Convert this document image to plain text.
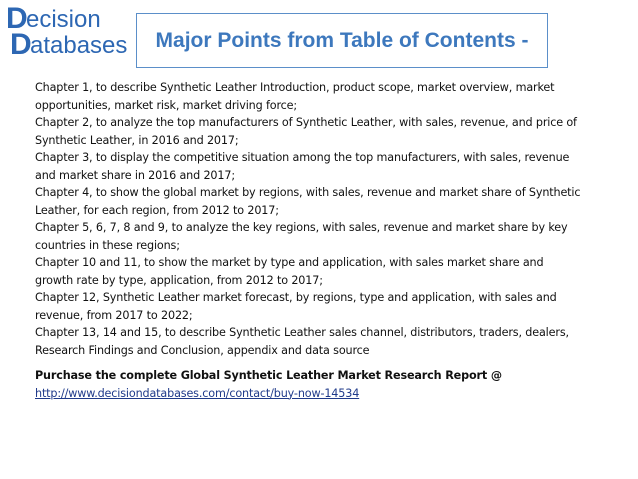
D
ecision
D
atabases Major Points from Table of Contents -

Chapter 1, to describe Synthetic Leather Introduction, product scope, market overview, market opportunities, market risk, market driving force;

Chapter 2, to analyze the top manufacturers of Synthetic Leather, with sales, revenue, and price of Synthetic Leather, in 2016 and 2017;

Chapter 3, to display the competitive situation among the top manufacturers, with sales, revenue and market share in 2016 and 2017;

Chapter 4, to show the global market by regions, with sales, revenue and market share of Synthetic Leather, for each region, from 2012 to 2017;

Chapter 5, 6, 7, 8 and 9, to analyze the key regions, with sales, revenue and market share by key countries in these regions;

Chapter 10 and 11, to show the market by type and application, with sales market share and growth rate by type, application, from 2012 to 2017;

Chapter 12, Synthetic Leather market forecast, by regions, type and application, with sales and revenue, from 2017 to 2022;

Chapter 13, 14 and 15, to describe Synthetic Leather sales channel, distributors, traders, dealers, Research Findings and Conclusion, appendix and data source

Purchase the complete Global Synthetic Leather Market Research Report @

http://www.decisiondatabases.com/contact/buy-now-14534
